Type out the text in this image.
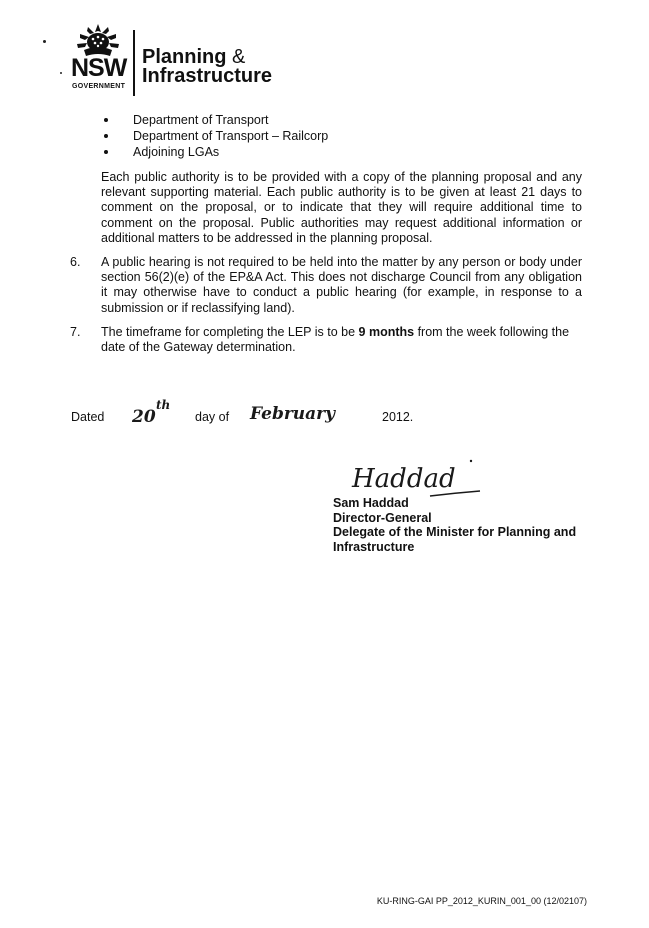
NSW
GOVERNMENT
Planning &
Infrastructure
Department of Transport
Department of Transport – Railcorp
Adjoining LGAs

Each public authority is to be provided with a copy of the planning proposal and any relevant supporting material. Each public authority is to be given at least 21 days to comment on the proposal, or to indicate that they will require additional time to comment on the proposal. Public authorities may request additional information or additional matters to be addressed in the planning proposal.

6. A public hearing is not required to be held into the matter by any person or body under section 56(2)(e) of the EP&A Act. This does not discharge Council from any obligation it may otherwise have to conduct a public hearing (for example, in response to a submission or if reclassifying land).

7. The timeframe for completing the LEP is to be 9 months from the week following the date of the Gateway determination.

Dated 20
th
day of February	2012.
Haddad
Sam Haddad
Director-General
Delegate of the Minister for Planning and
Infrastructure
KU-RING-GAI PP_2012_KURIN_001_00 (12/02107)
